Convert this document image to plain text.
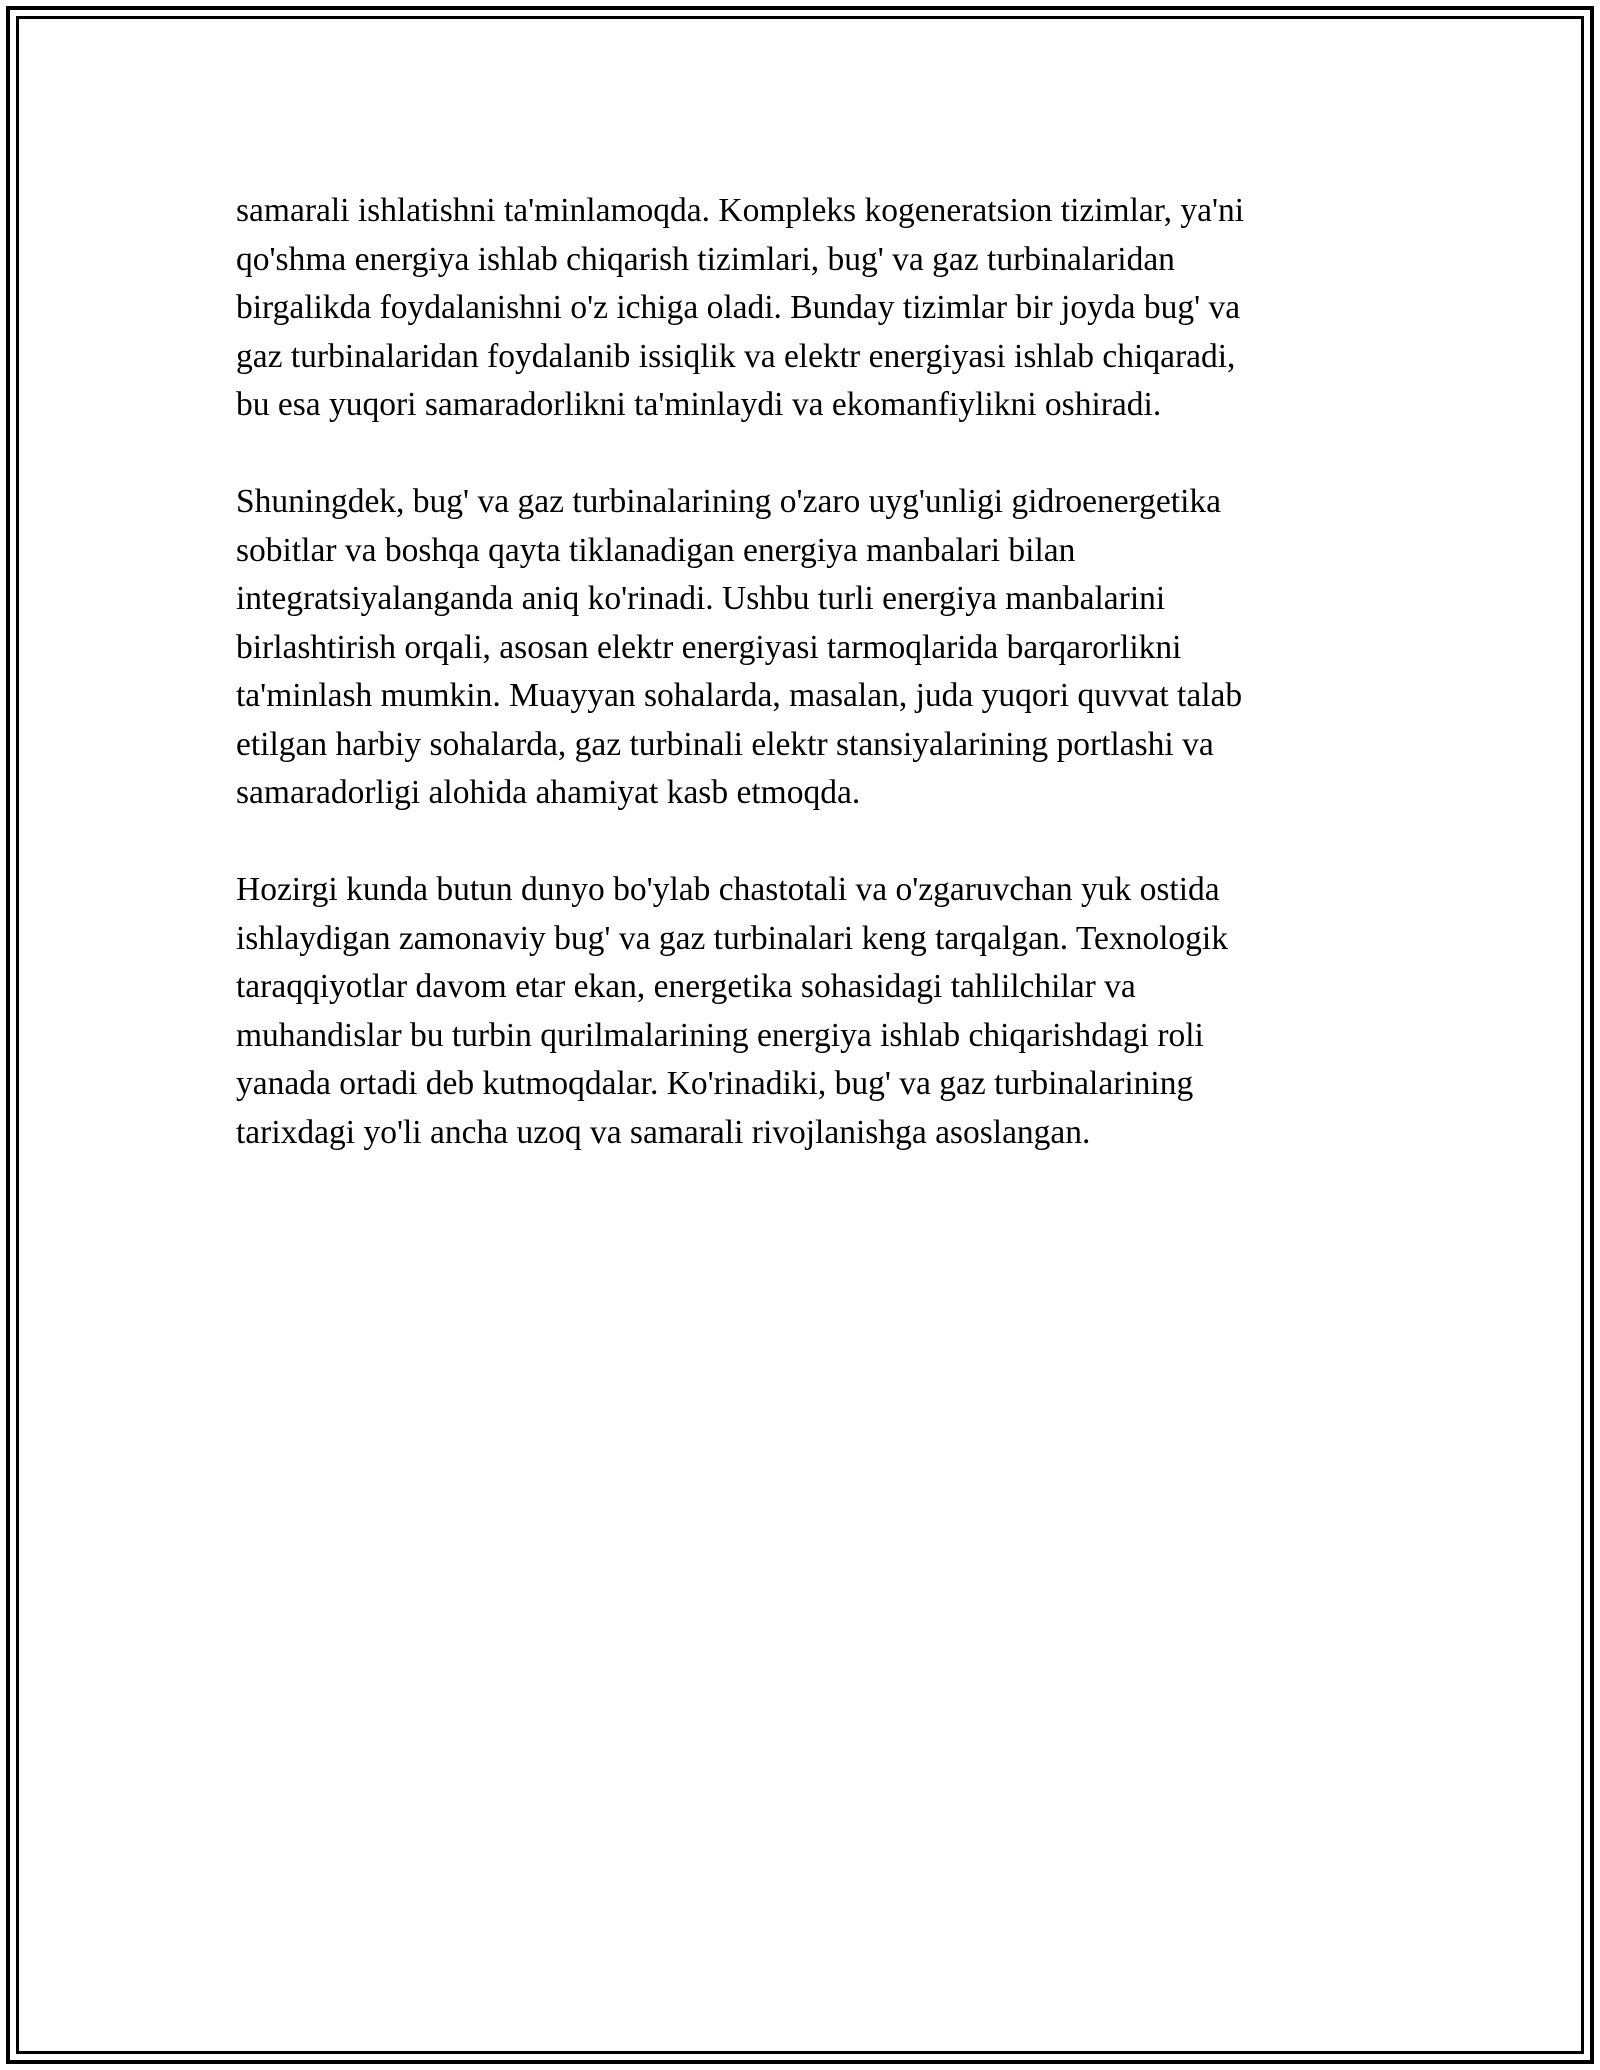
samarali ishlatishni ta'minlamoqda. Kompleks kogeneratsion tizimlar, ya'ni
qo'shma energiya ishlab chiqarish tizimlari, bug' va gaz turbinalaridan
birgalikda foydalanishni o'z ichiga oladi. Bunday tizimlar bir joyda bug' va
gaz turbinalaridan foydalanib issiqlik va elektr energiyasi ishlab chiqaradi,
bu esa yuqori samaradorlikni ta'minlaydi va ekomanfiylikni oshiradi.

Shuningdek, bug' va gaz turbinalarining o'zaro uyg'unligi gidroenergetika
sobitlar va boshqa qayta tiklanadigan energiya manbalari bilan
integratsiyalanganda aniq ko'rinadi. Ushbu turli energiya manbalarini
birlashtirish orqali, asosan elektr energiyasi tarmoqlarida barqarorlikni
ta'minlash mumkin. Muayyan sohalarda, masalan, juda yuqori quvvat talab
etilgan harbiy sohalarda, gaz turbinali elektr stansiyalarining portlashi va
samaradorligi alohida ahamiyat kasb etmoqda.

Hozirgi kunda butun dunyo bo'ylab chastotali va o'zgaruvchan yuk ostida
ishlaydigan zamonaviy bug' va gaz turbinalari keng tarqalgan. Texnologik
taraqqiyotlar davom etar ekan, energetika sohasidagi tahlilchilar va
muhandislar bu turbin qurilmalarining energiya ishlab chiqarishdagi roli
yanada ortadi deb kutmoqdalar. Ko'rinadiki, bug' va gaz turbinalarining
tarixdagi yo'li ancha uzoq va samarali rivojlanishga asoslangan.
